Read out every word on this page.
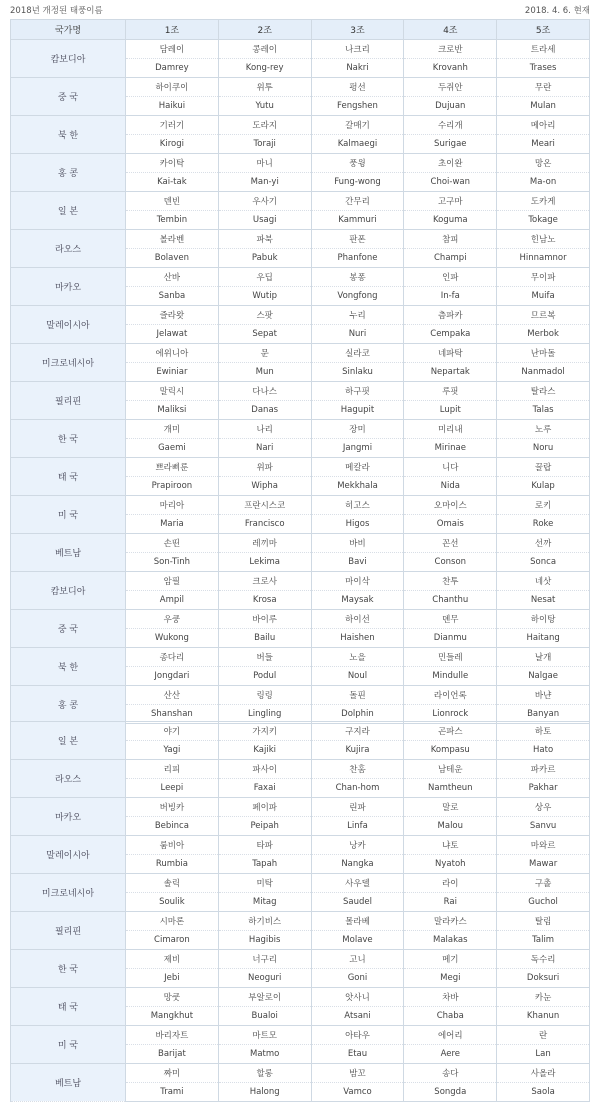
2018년 개정된 태풍이름	2018. 4. 6. 현재
국가명	1조	2조	3조	4조	5조
캄보디아	담레이	콩레이	나크리	크로반	트라세
	Damrey	Kong-rey	Nakri	Krovanh	Trases
중 국	하이쿠이	위투	펑선	두쥐안	무란
	Haikui	Yutu	Fengshen	Dujuan	Mulan
북 한	기러기	도라지	갈매기	수리개	메아리
	Kirogi	Toraji	Kalmaegi	Surigae	Meari
홍 콩	카이탁	마니	풍윙	초이완	망온
	Kai-tak	Man-yi	Fung-wong	Choi-wan	Ma-on
일 본	덴빈	우사기	간무리	고구마	도카게
	Tembin	Usagi	Kammuri	Koguma	Tokage
라오스	볼라벤	파북	판폰	참피	힌남노
	Bolaven	Pabuk	Phanfone	Champi	Hinnamnor
마카오	산바	우딥	봉퐁	인파	무이파
	Sanba	Wutip	Vongfong	In-fa	Muifa
말레이시아	즐라왓	스팟	누리	츰파카	므르복
	Jelawat	Sepat	Nuri	Cempaka	Merbok
미크로네시아	에위니아	문	실라코	네파탁	난마돌
	Ewiniar	Mun	Sinlaku	Nepartak	Nanmadol
필리핀	말릭시	다나스	하구핏	루핏	탈라스
	Maliksi	Danas	Hagupit	Lupit	Talas
한 국	개미	나리	장미	미리내	노루
	Gaemi	Nari	Jangmi	Mirinae	Noru
태 국	쁘라삐룬	위파	메칼라	니다	꿀랍
	Prapiroon	Wipha	Mekkhala	Nida	Kulap
미 국	마리아	프란시스코	히고스	오마이스	로키
	Maria	Francisco	Higos	Omais	Roke
베트남	손띤	레끼마	바비	꼰선	선까
	Son-Tinh	Lekima	Bavi	Conson	Sonca
캄보디아	암필	크로사	마이삭	찬투	네삿
	Ampil	Krosa	Maysak	Chanthu	Nesat
중 국	우쿵	바이루	하이선	뎬무	하이탕
	Wukong	Bailu	Haishen	Dianmu	Haitang
북 한	종다리	버들	노을	민들레	날개
	Jongdari	Podul	Noul	Mindulle	Nalgae
홍 콩	산산	링링	돌핀	라이언록	바냔
	Shanshan	Lingling	Dolphin	Lionrock	Banyan
일 본	야기	가지키	구지라	곤파스	하토
	Yagi	Kajiki	Kujira	Kompasu	Hato
라오스	리피	파사이	찬홈	남테운	파카르
	Leepi	Faxai	Chan-hom	Namtheun	Pakhar
마카오	버빙카	페이파	린파	말로	상우
	Bebinca	Peipah	Linfa	Malou	Sanvu
말레이시아	룸비아	타파	낭카	냐토	마와르
	Rumbia	Tapah	Nangka	Nyatoh	Mawar
미크로네시아	솔릭	미탁	사우델	라이	구촐
	Soulik	Mitag	Saudel	Rai	Guchol
필리핀	시마론	하기비스	몰라베	말라카스	탈림
	Cimaron	Hagibis	Molave	Malakas	Talim
한 국	제비	너구리	고니	메기	독수리
	Jebi	Neoguri	Goni	Megi	Doksuri
태 국	망쿳	부알로이	앗사니	차바	카눈
	Mangkhut	Bualoi	Atsani	Chaba	Khanun
미 국	바리자트	마트모	아타우	에어리	란
	Barijat	Matmo	Etau	Aere	Lan
베트남	짜미	할롱	밤꼬	송다	사올라
	Trami	Halong	Vamco	Songda	Saola
